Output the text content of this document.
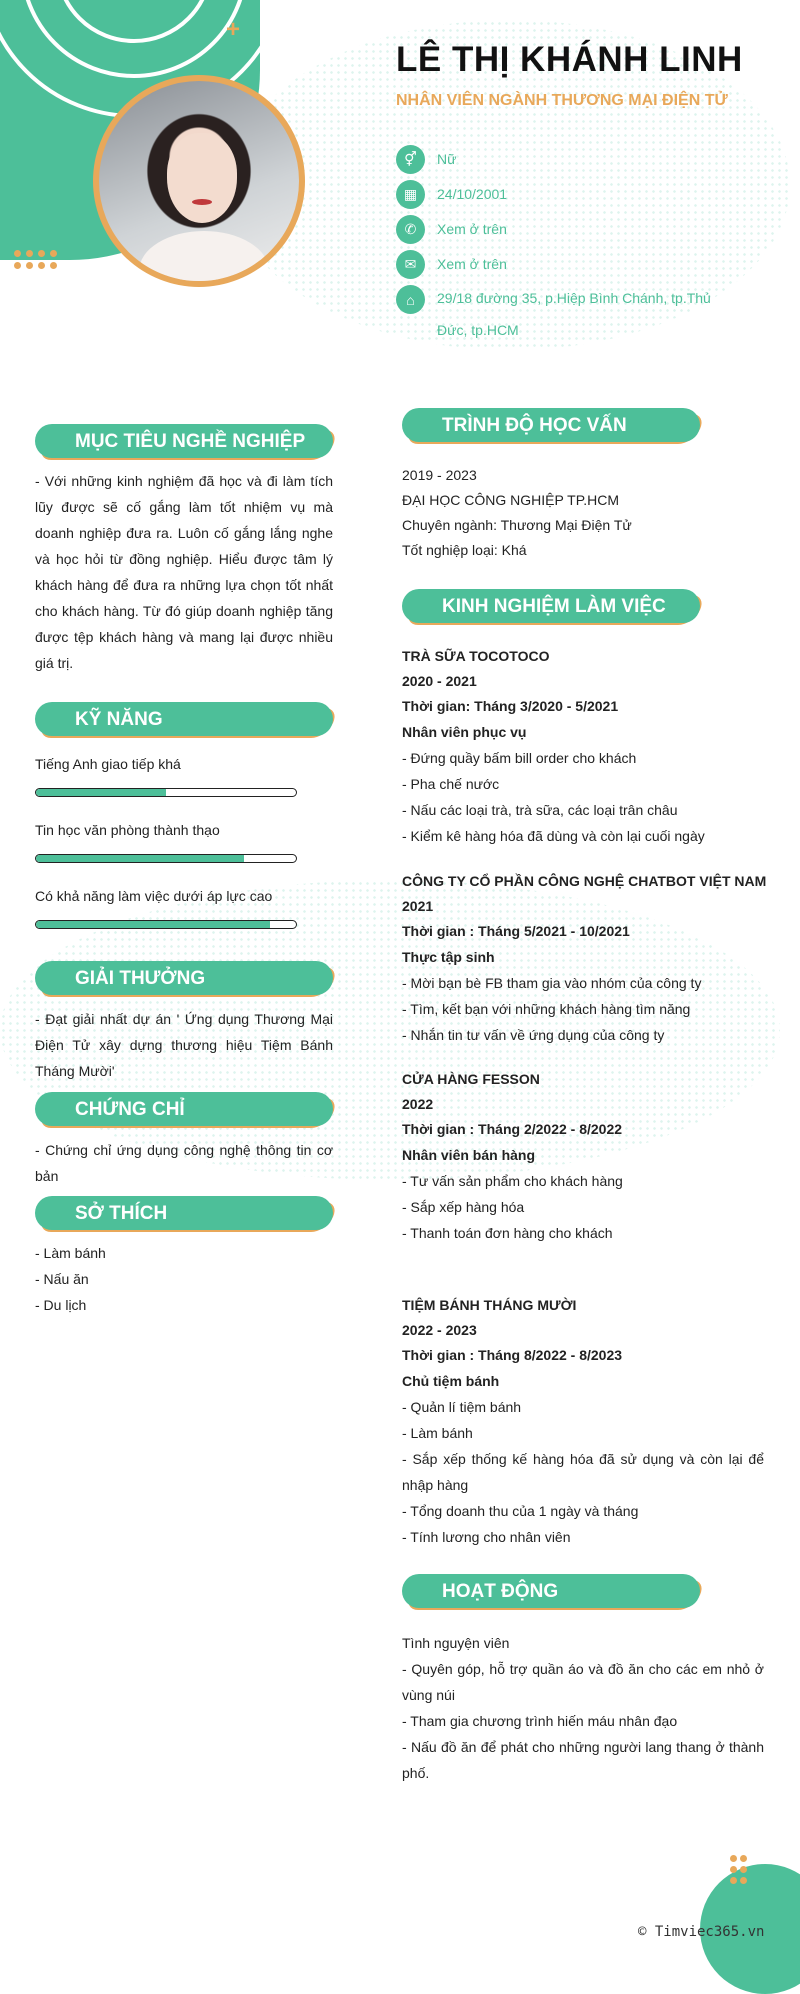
+
LÊ THỊ KHÁNH LINH
NHÂN VIÊN NGÀNH THƯƠNG MẠI ĐIỆN TỬ
⚥	Nữ
▦	24/10/2001
✆	Xem ở trên
✉	Xem ở trên
⌂	29/18 đường 35, p.Hiệp Bình Chánh, tp.Thủ Đức, tp.HCM
MỤC TIÊU NGHỀ NGHIỆP
- Với những kinh nghiệm đã học và đi làm tích lũy được sẽ cố gắng làm tốt nhiệm vụ mà doanh nghiệp đưa ra. Luôn cố gắng lắng nghe và học hỏi từ đồng nghiệp. Hiểu được tâm lý khách hàng để đưa ra những lựa chọn tốt nhất cho khách hàng. Từ đó giúp doanh nghiệp tăng được tệp khách hàng và mang lại được nhiều giá trị.
KỸ NĂNG
Tiếng Anh giao tiếp khá
Tin học văn phòng thành thạo
Có khả năng làm việc dưới áp lực cao
GIẢI THƯỞNG
- Đạt giải nhất dự án ' Ứng dụng Thương Mại Điện Tử xây dựng thương hiệu Tiệm Bánh Tháng Mười'
CHỨNG CHỈ
- Chứng chỉ ứng dụng công nghệ thông tin cơ bản
SỞ THÍCH
- Làm bánh
- Nấu ăn
- Du lịch
TRÌNH ĐỘ HỌC VẤN
2019 - 2023
ĐẠI HỌC CÔNG NGHIỆP TP.HCM
Chuyên ngành: Thương Mại Điện Tử
Tốt nghiệp loại: Khá
KINH NGHIỆM LÀM VIỆC
TRÀ SỮA TOCOTOCO
2020 - 2021
Thời gian: Tháng 3/2020 - 5/2021
Nhân viên phục vụ
- Đứng quầy bấm bill order cho khách
- Pha chế nước
- Nấu các loại trà, trà sữa, các loại trân châu
- Kiểm kê hàng hóa đã dùng và còn lại cuối ngày
CÔNG TY CỔ PHẦN CÔNG NGHỆ CHATBOT VIỆT NAM
2021
Thời gian : Tháng 5/2021 - 10/2021
Thực tập sinh
- Mời bạn bè FB tham gia vào nhóm của công ty
- Tìm, kết bạn với những khách hàng tìm năng
- Nhắn tin tư vấn về ứng dụng của công ty
CỬA HÀNG FESSON
2022
Thời gian : Tháng 2/2022 - 8/2022
Nhân viên bán hàng
- Tư vấn sản phẩm cho khách hàng
- Sắp xếp hàng hóa
- Thanh toán đơn hàng cho khách
TIỆM BÁNH THÁNG MƯỜI
2022 - 2023
Thời gian : Tháng 8/2022 - 8/2023
Chủ tiệm bánh
- Quản lí tiệm bánh
- Làm bánh
- Sắp xếp thống kế hàng hóa đã sử dụng và còn lại để nhập hàng
- Tổng doanh thu của 1 ngày và tháng
- Tính lương cho nhân viên
HOẠT ĐỘNG
Tình nguyện viên
- Quyên góp, hỗ trợ quần áo và đồ ăn cho các em nhỏ ở vùng núi
- Tham gia chương trình hiến máu nhân đạo
- Nấu đồ ăn để phát cho những người lang thang ở thành phố.
© Timviec365.vn
